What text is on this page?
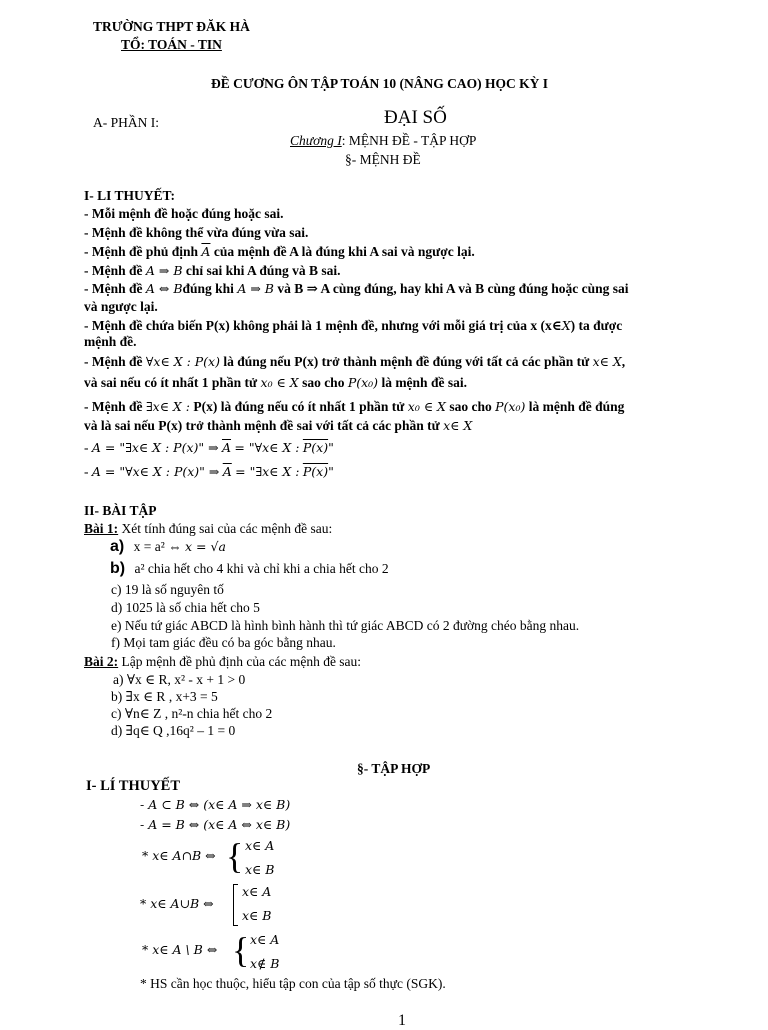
TRƯỜNG THPT ĐĂK HÀ
TỔ: TOÁN - TIN
ĐỀ CƯƠNG ÔN TẬP TOÁN 10 (NÂNG CAO) HỌC KỲ I
A- PHẦN I:	ĐẠI SỐ
Chương I: MỆNH ĐỀ - TẬP HỢP
§- MỆNH ĐỀ
I- LI THUYẾT:
- Mỗi mệnh đề hoặc đúng hoặc sai.
- Mệnh đề không thể vừa đúng vừa sai.
- Mệnh đề phủ định $\overline{A}$ của mệnh đề A là đúng khi A sai và ngược lại.
- Mệnh đề A ⇒ B chỉ sai khi A đúng và B sai.
- Mệnh đề A ⇔ Bđúng khi A ⇒ B và B ⇒ A cùng đúng, hay khi A và B cùng đúng hoặc cùng sai
và ngược lại.
- Mệnh đề chứa biến P(x) không phải là 1 mệnh đề, nhưng với mỗi giá trị của x (x∈X) ta được
mệnh đề.
- Mệnh đề ∀x∈ X : P(x) là đúng nếu P(x) trở thành mệnh đề đúng với tất cả các phần tử x∈ X,
và sai nếu có ít nhất 1 phần tử x₀ ∈ X sao cho P(x₀) là mệnh đề sai.
- Mệnh đề ∃x∈ X : P(x) là đúng nếu có ít nhất 1 phần tử x₀ ∈ X sao cho P(x₀) là mệnh đề đúng
và là sai nếu P(x) trở thành mệnh đề sai với tất cả các phần tử x∈ X
- A = "∃x∈ X : P(x)" ⇒ $\overline{A}$ = "∀x∈ X : P(x)"
- A = "∀x∈ X : P(x)" ⇒ $\overline{A}$ = "∃x∈ X : P(x)"
II- BÀI TẬP
Bài 1: Xét tính đúng sai của các mệnh đề sau:
a) x = a² ⇔ x = √a
b) a² chia hết cho 4 khi và chỉ khi a chia hết cho 2
c) 19 là số nguyên tố
d) 1025 là số chia hết cho 5
e) Nếu tứ giác ABCD là hình bình hành thì tứ giác ABCD có 2 đường chéo bằng nhau.
f) Mọi tam giác đều có ba góc bằng nhau.
Bài 2: Lập mệnh đề phủ định của các mệnh đề sau:
a) ∀x ∈ R, x² - x + 1 > 0
b) ∃x ∈ R , x+3 = 5
c) ∀n∈ Z , n²-n chia hết cho 2
d) ∃q∈ Q ,16q² – 1 = 0
§- TẬP HỢP
I- LÍ THUYẾT
- A ⊂ B ⇔ (x∈ A ⇒ x∈ B)
- A = B ⇔ (x∈ A ⇔ x∈ B)
* x∈ A∩B ⇔ { x∈ A
x∈ B
* x∈ A∪B ⇔
x∈ A
x∈ B
* x∈ A \ B ⇔ { x∈ A
x∉ B
* HS cần học thuộc, hiểu tập con của tập số thực (SGK).
1
